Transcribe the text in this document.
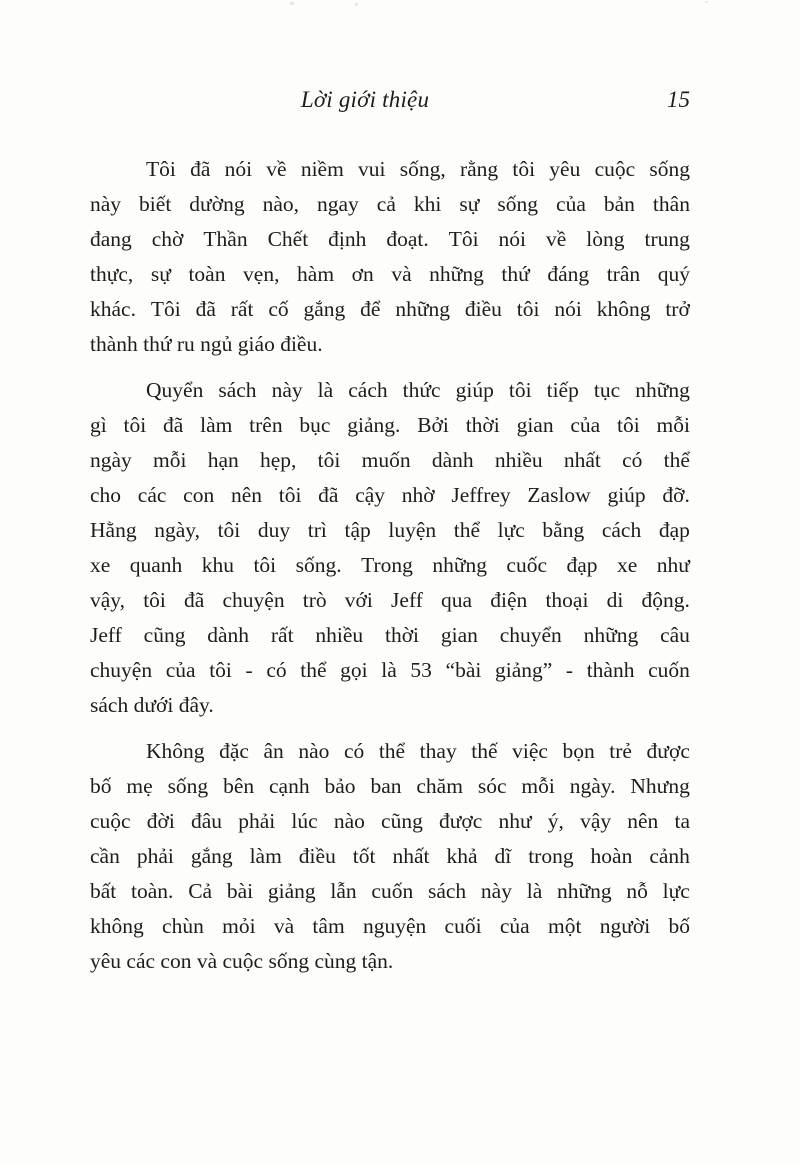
Lời giới thiệu	15
Tôi đã nói về niềm vui sống, rằng tôi yêu cuộc sống
này biết dường nào, ngay cả khi sự sống của bản thân
đang chờ Thần Chết định đoạt. Tôi nói về lòng trung
thực, sự toàn vẹn, hàm ơn và những thứ đáng trân quý
khác. Tôi đã rất cố gắng để những điều tôi nói không trở
thành thứ ru ngủ giáo điều.
Quyển sách này là cách thức giúp tôi tiếp tục những
gì tôi đã làm trên bục giảng. Bởi thời gian của tôi mỗi
ngày mỗi hạn hẹp, tôi muốn dành nhiều nhất có thể
cho các con nên tôi đã cậy nhờ Jeffrey Zaslow giúp đỡ.
Hằng ngày, tôi duy trì tập luyện thể lực bằng cách đạp
xe quanh khu tôi sống. Trong những cuốc đạp xe như
vậy, tôi đã chuyện trò với Jeff qua điện thoại di động.
Jeff cũng dành rất nhiều thời gian chuyển những câu
chuyện của tôi - có thể gọi là 53 “bài giảng” - thành cuốn
sách dưới đây.
Không đặc ân nào có thể thay thế việc bọn trẻ được
bố mẹ sống bên cạnh bảo ban chăm sóc mỗi ngày. Nhưng
cuộc đời đâu phải lúc nào cũng được như ý, vậy nên ta
cần phải gắng làm điều tốt nhất khả dĩ trong hoàn cảnh
bất toàn. Cả bài giảng lẫn cuốn sách này là những nỗ lực
không chùn mỏi và tâm nguyện cuối của một người bố
yêu các con và cuộc sống cùng tận.
